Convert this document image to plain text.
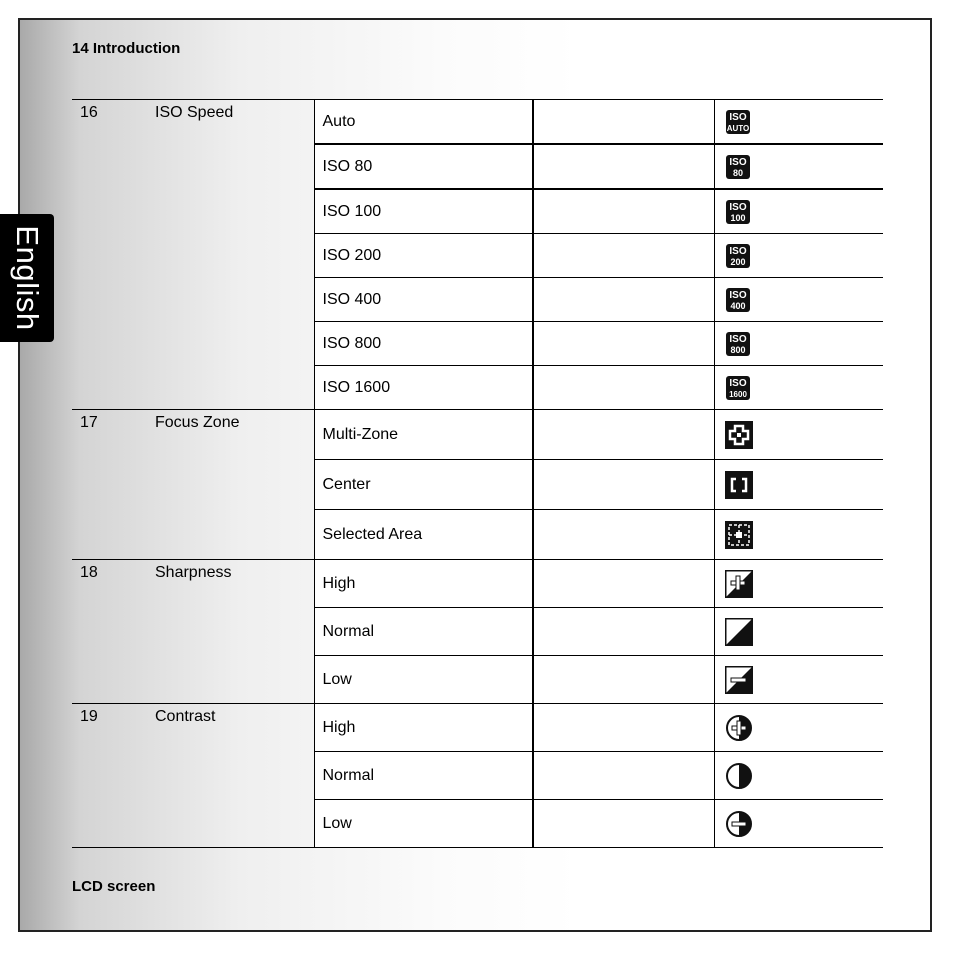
14 Introduction
English
16	ISO Speed	Auto		ISO
AUTO

		ISO 80		ISO
80

		ISO 100		ISO
100

		ISO 200		ISO
200

		ISO 400		ISO
400

		ISO 800		ISO
800

		ISO 1600		ISO
1600

17	Focus Zone	Multi-Zone		

		Center		

		Selected Area		

18	Sharpness	High		

		Normal		

		Low		

19	Contrast	High		

		Normal		

		Low		
LCD screen
